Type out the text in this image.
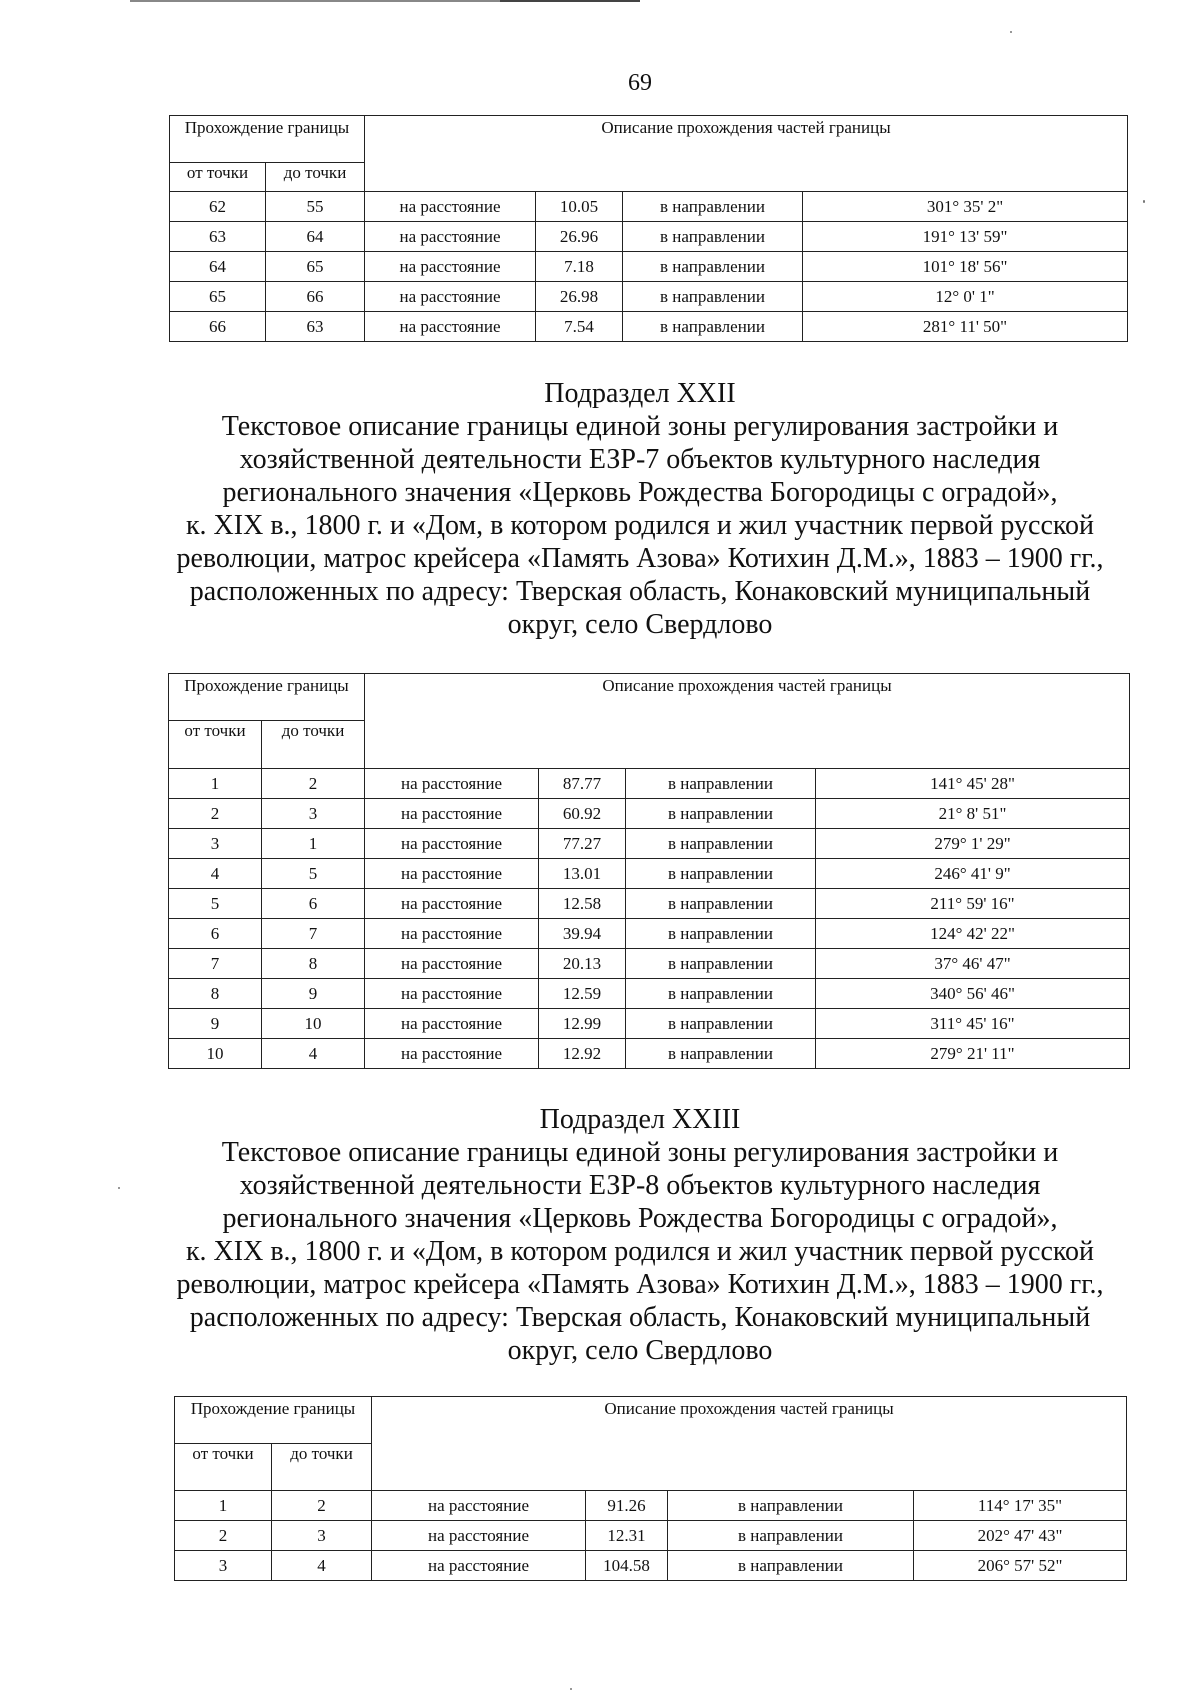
69
Прохождение границы		Описание прохождения частей границы			
от точки	до точки				
62	55	на расстояние	10.05	в направлении	301° 35' 2"
63	64	на расстояние	26.96	в направлении	191° 13' 59"
64	65	на расстояние	7.18	в направлении	101° 18' 56"
65	66	на расстояние	26.98	в направлении	12° 0' 1"
66	63	на расстояние	7.54	в направлении	281° 11' 50"
Подраздел XXII
Текстовое описание границы единой зоны регулирования застройки и
хозяйственной деятельности ЕЗР-7 объектов культурного наследия
регионального значения «Церковь Рождества Богородицы с оградой»,
к. XIX в., 1800 г. и «Дом, в котором родился и жил участник первой русской
революции, матрос крейсера «Память Азова» Котихин Д.М.», 1883 – 1900 гг.,
расположенных по адресу: Тверская область, Конаковский муниципальный
округ, село Свердлово
Прохождение границы		Описание прохождения частей границы			
от точки	до точки				
1	2	на расстояние	87.77	в направлении	141° 45' 28"
2	3	на расстояние	60.92	в направлении	21° 8' 51"
3	1	на расстояние	77.27	в направлении	279° 1' 29"
4	5	на расстояние	13.01	в направлении	246° 41' 9"
5	6	на расстояние	12.58	в направлении	211° 59' 16"
6	7	на расстояние	39.94	в направлении	124° 42' 22"
7	8	на расстояние	20.13	в направлении	37° 46' 47"
8	9	на расстояние	12.59	в направлении	340° 56' 46"
9	10	на расстояние	12.99	в направлении	311° 45' 16"
10	4	на расстояние	12.92	в направлении	279° 21' 11"
Подраздел XXIII
Текстовое описание границы единой зоны регулирования застройки и
хозяйственной деятельности ЕЗР-8 объектов культурного наследия
регионального значения «Церковь Рождества Богородицы с оградой»,
к. XIX в., 1800 г. и «Дом, в котором родился и жил участник первой русской
революции, матрос крейсера «Память Азова» Котихин Д.М.», 1883 – 1900 гг.,
расположенных по адресу: Тверская область, Конаковский муниципальный
округ, село Свердлово
Прохождение границы		Описание прохождения частей границы			
от точки	до точки				
1	2	на расстояние	91.26	в направлении	114° 17' 35"
2	3	на расстояние	12.31	в направлении	202° 47' 43"
3	4	на расстояние	104.58	в направлении	206° 57' 52"
